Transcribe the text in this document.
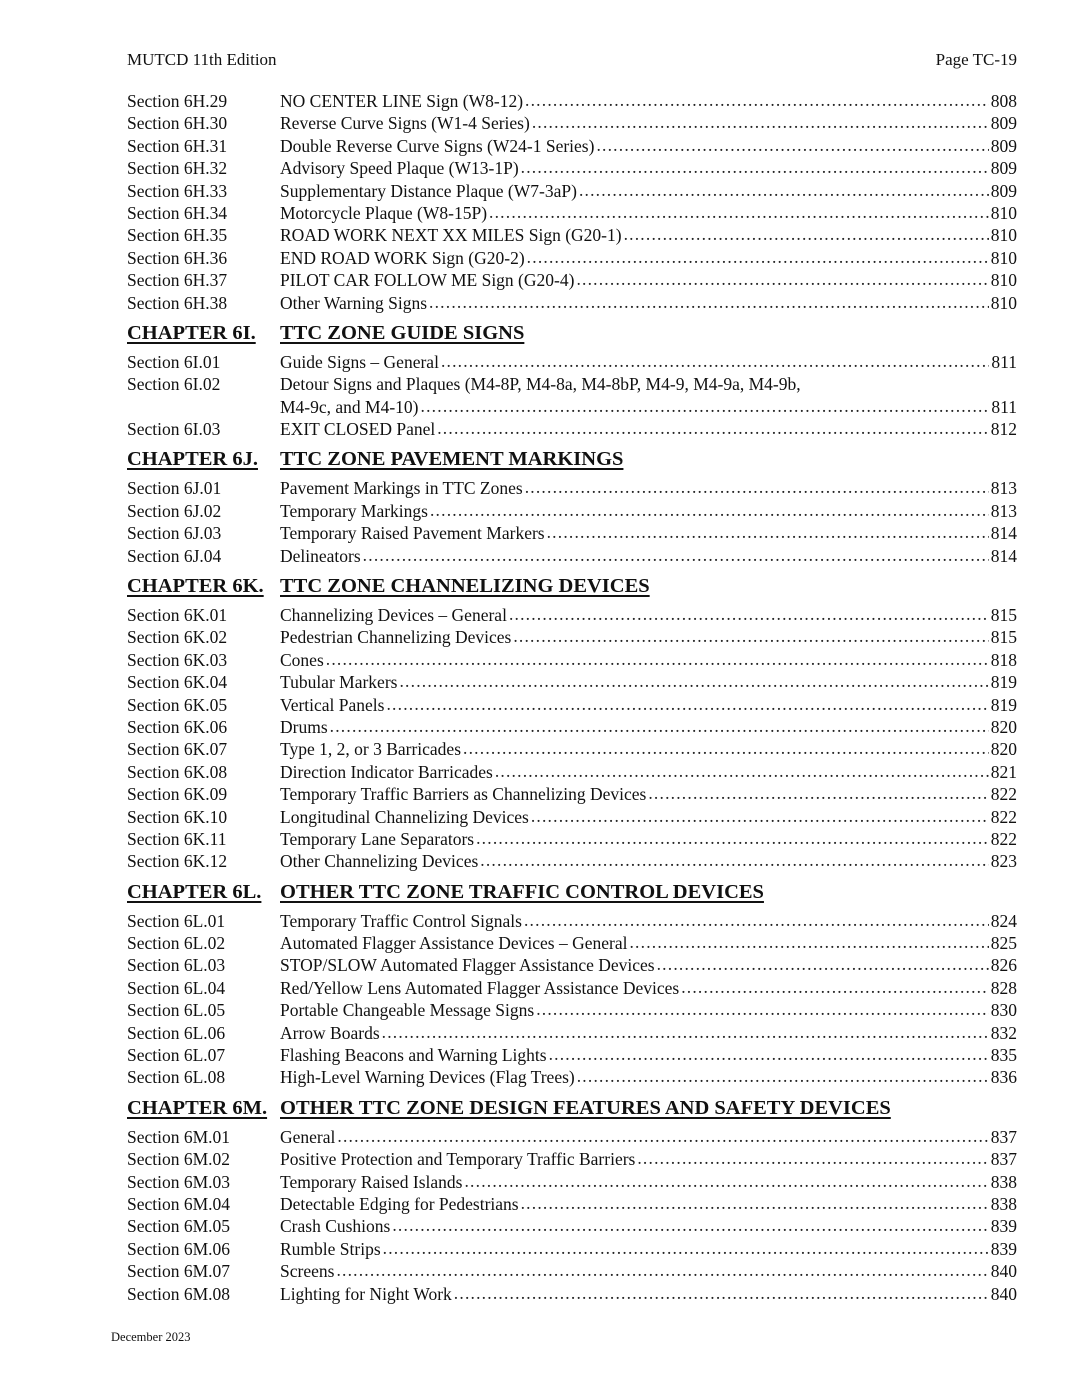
MUTCD 11th Edition	Page TC-19
Section 6H.29	NO CENTER LINE Sign (W8-12) .....	808
Section 6H.30	Reverse Curve Signs (W1-4 Series) .....	809
Section 6H.31	Double Reverse Curve Signs (W24-1 Series) .....	809
Section 6H.32	Advisory Speed Plaque (W13-1P) .....	809
Section 6H.33	Supplementary Distance Plaque (W7-3aP) .....	809
Section 6H.34	Motorcycle Plaque (W8-15P) .....	810
Section 6H.35	ROAD WORK NEXT XX MILES Sign (G20-1) .....	810
Section 6H.36	END ROAD WORK Sign (G20-2) .....	810
Section 6H.37	PILOT CAR FOLLOW ME Sign (G20-4) .....	810
Section 6H.38	Other Warning Signs .....	810
CHAPTER 6I.	TTC ZONE GUIDE SIGNS
Section 6I.01	Guide Signs – General .....	811
Section 6I.02	Detour Signs and Plaques (M4-8P, M4-8a, M4-8bP, M4-9, M4-9a, M4-9b,
M4-9c, and M4-10) .....	811
Section 6I.03	EXIT CLOSED Panel .....	812
CHAPTER 6J.	TTC ZONE PAVEMENT MARKINGS
Section 6J.01	Pavement Markings in TTC Zones .....	813
Section 6J.02	Temporary Markings .....	813
Section 6J.03	Temporary Raised Pavement Markers .....	814
Section 6J.04	Delineators .....	814
CHAPTER 6K. TTC ZONE CHANNELIZING DEVICES
Section 6K.01	Channelizing Devices – General .....	815
Section 6K.02	Pedestrian Channelizing Devices .....	815
Section 6K.03	Cones .....	818
Section 6K.04	Tubular Markers .....	819
Section 6K.05	Vertical Panels .....	819
Section 6K.06	Drums .....	820
Section 6K.07	Type 1, 2, or 3 Barricades .....	820
Section 6K.08	Direction Indicator Barricades .....	821
Section 6K.09	Temporary Traffic Barriers as Channelizing Devices .....	822
Section 6K.10	Longitudinal Channelizing Devices .....	822
Section 6K.11	Temporary Lane Separators .....	822
Section 6K.12	Other Channelizing Devices .....	823
CHAPTER 6L. OTHER TTC ZONE TRAFFIC CONTROL DEVICES
Section 6L.01	Temporary Traffic Control Signals .....	824
Section 6L.02	Automated Flagger Assistance Devices – General .....	825
Section 6L.03	STOP/SLOW Automated Flagger Assistance Devices .....	826
Section 6L.04	Red/Yellow Lens Automated Flagger Assistance Devices .....	828
Section 6L.05	Portable Changeable Message Signs .....	830
Section 6L.06	Arrow Boards .....	832
Section 6L.07	Flashing Beacons and Warning Lights .....	835
Section 6L.08	High-Level Warning Devices (Flag Trees) .....	836
CHAPTER 6M. OTHER TTC ZONE DESIGN FEATURES AND SAFETY DEVICES
Section 6M.01	General .....	837
Section 6M.02	Positive Protection and Temporary Traffic Barriers .....	837
Section 6M.03	Temporary Raised Islands .....	838
Section 6M.04	Detectable Edging for Pedestrians .....	838
Section 6M.05	Crash Cushions .....	839
Section 6M.06	Rumble Strips .....	839
Section 6M.07	Screens .....	840
Section 6M.08	Lighting for Night Work .....	840
December 2023
